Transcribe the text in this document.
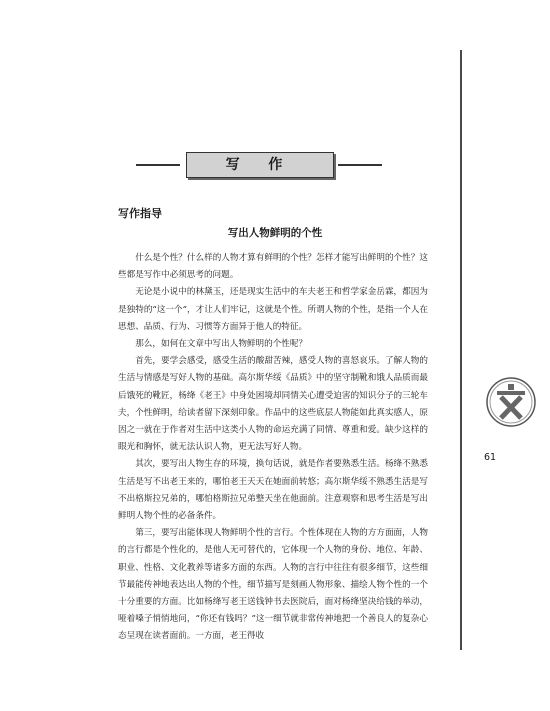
写 作
写作指导
写出人物鲜明的个性

什么是个性？什么样的人物才算有鲜明的个性？怎样才能写出鲜明的个性？这些都是写作中必须思考的问题。

无论是小说中的林黛玉，还是现实生活中的车夫老王和哲学家金岳霖，都因为是独特的“这一个”，才让人们牢记，这就是个性。所谓人物的个性，是指一个人在思想、品质、行为、习惯等方面异于他人的特征。

那么，如何在文章中写出人物鲜明的个性呢？

首先，要学会感受，感受生活的酸甜苦辣，感受人物的喜怒哀乐。了解人物的生活与情感是写好人物的基础。高尔斯华绥《品质》中的坚守制靴和饿人品质而最后饿死的靴匠，杨绛《老王》中身处困境却同情关心遭受迫害的知识分子的三轮车夫，个性鲜明，给读者留下深刻印象。作品中的这些底层人物能如此真实感人，原因之一就在于作者对生活中这类小人物的命运充满了同情、尊重和爱。缺少这样的眼光和胸怀，就无法认识人物，更无法写好人物。

其次，要写出人物生存的环境，换句话说，就是作者要熟悉生活。杨绛不熟悉生活是写不出老王来的，哪怕老王天天在她面前转悠；高尔斯华绥不熟悉生活是写不出格斯拉兄弟的，哪怕格斯拉兄弟整天坐在他面前。注意观察和思考生活是写出鲜明人物个性的必备条件。

第三，要写出能体现人物鲜明个性的言行。个性体现在人物的方方面面，人物的言行都是个性化的，是他人无可替代的，它体现一个人物的身份、地位、年龄、职业、性格、文化教养等诸多方面的东西。人物的言行中往往有很多细节，这些细节最能传神地表达出人物的个性，细节描写是刻画人物形象、描绘人物个性的一个十分重要的方面。比如杨绛写老王送钱钟书去医院后，面对杨绛坚决给钱的举动，哑着嗓子悄悄地问，“你还有钱吗？”这一细节就非常传神地把一个善良人的复杂心态呈现在读者面前。一方面，老王得收

61
